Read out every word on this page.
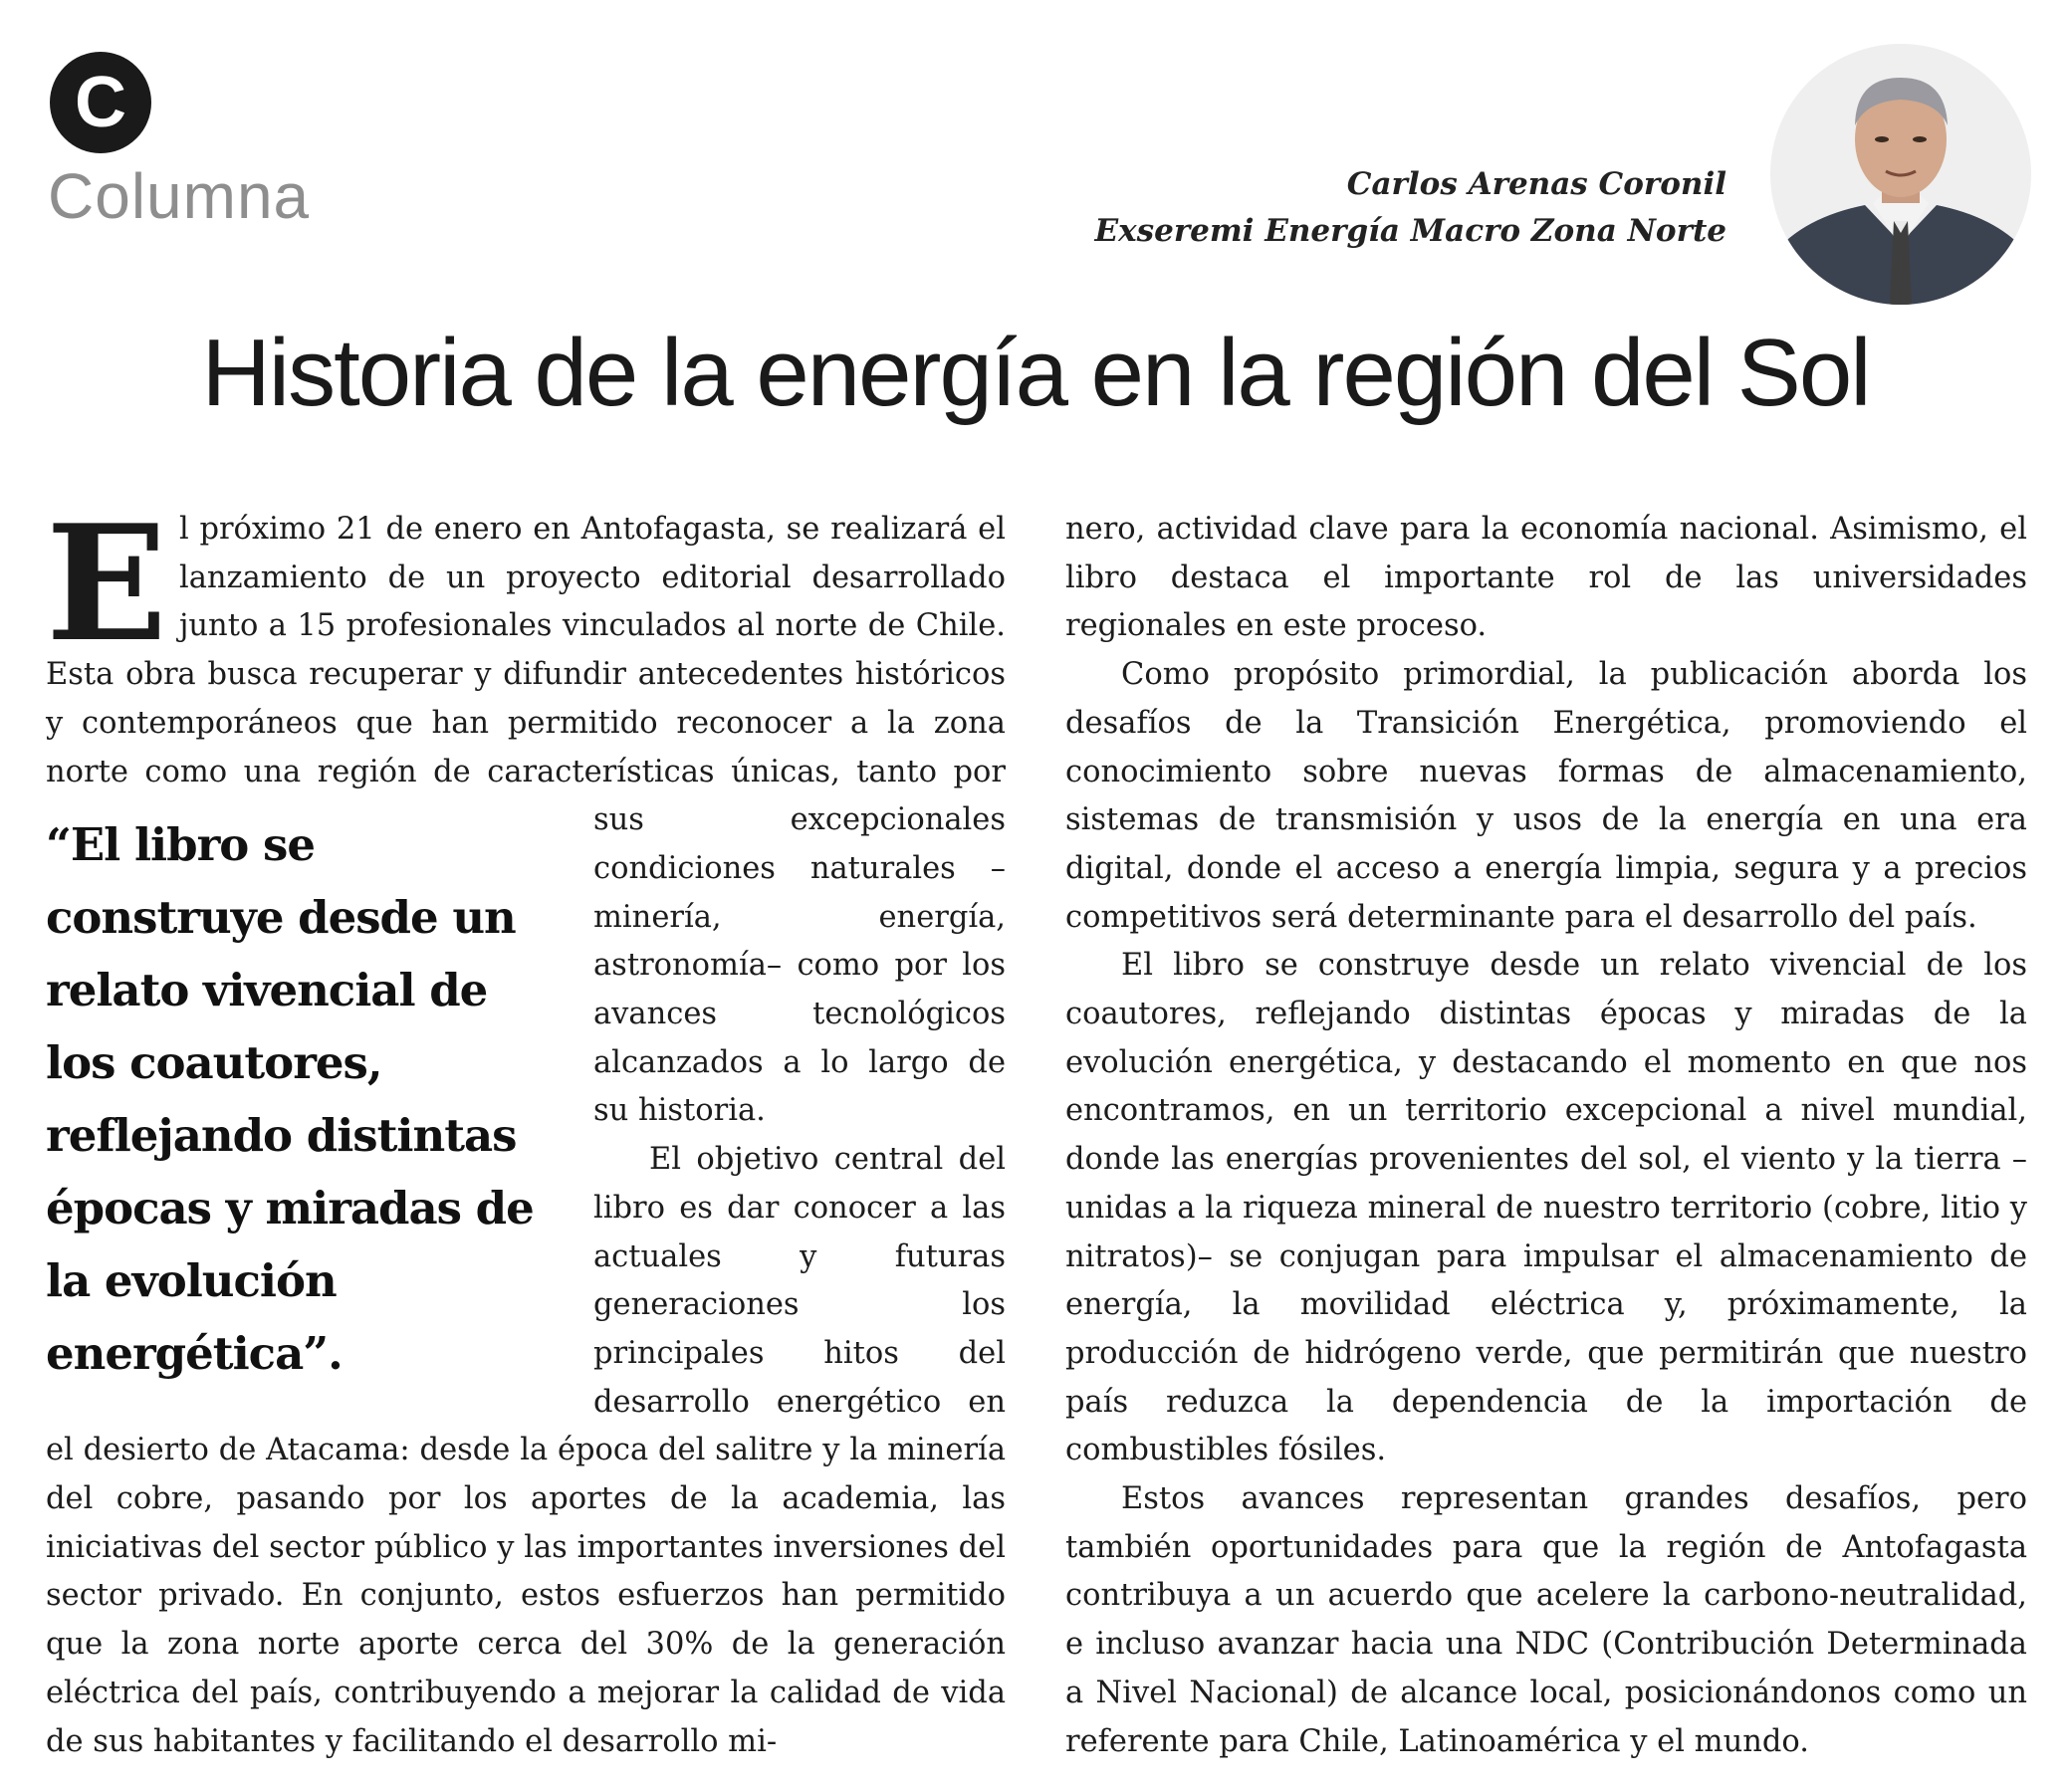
C
Columna	Carlos Arenas Coronil
Exseremi Energía Macro Zona Norte
Historia de la energía en la región del Sol

E l próximo 21 de enero en Antofagasta, se realizará el lanzamiento de un proyecto editorial desarrollado junto a 15 profesionales vinculados al norte de Chile. Esta obra busca recuperar y difundir antecedentes históricos y contemporáneos que han permitido reconocer a la zona norte como una región de características únicas, tanto por sus
“El libro se construye desde un relato vivencial de los coautores, reflejando distintas épocas y miradas de la evolución energética”.
excepcionales condiciones naturales –minería, energía, astronomía– como por los avances tecnológicos alcanzados a lo largo de su historia.

El objetivo central del libro es dar conocer a las actuales y futuras generaciones los principales hitos del desarrollo energético en el desierto de Atacama: desde la época del salitre y la minería del cobre, pasando por los aportes de la academia, las iniciativas del sector público y las importantes inversiones del sector privado. En conjunto, estos esfuerzos han permitido que la zona norte aporte cerca del 30% de la generación eléctrica del país, contribuyendo a mejorar la calidad de vida de sus habitantes y facilitando el desarrollo mi-

nero, actividad clave para la economía nacional. Asimismo, el libro destaca el importante rol de las universidades regionales en este proceso.

Como propósito primordial, la publicación aborda los desafíos de la Transición Energética, promoviendo el conocimiento sobre nuevas formas de almacenamiento, sistemas de transmisión y usos de la energía en una era digital, donde el acceso a energía limpia, segura y a precios competitivos será determinante para el desarrollo del país.

El libro se construye desde un relato vivencial de los coautores, reflejando distintas épocas y miradas de la evolución energética, y destacando el momento en que nos encontramos, en un territorio excepcional a nivel mundial, donde las energías provenientes del sol, el viento y la tierra –unidas a la riqueza mineral de nuestro territorio (cobre, litio y nitratos)– se conjugan para impulsar el almacenamiento de energía, la movilidad eléctrica y, próximamente, la producción de hidrógeno verde, que permitirán que nuestro país reduzca la dependencia de la importación de combustibles fósiles.

Estos avances representan grandes desafíos, pero también oportunidades para que la región de Antofagasta contribuya a un acuerdo que acelere la carbono-neutralidad, e incluso avanzar hacia una NDC (Contribución Determinada a Nivel Nacional) de alcance local, posicionándonos como un referente para Chile, Latinoamérica y el mundo.
